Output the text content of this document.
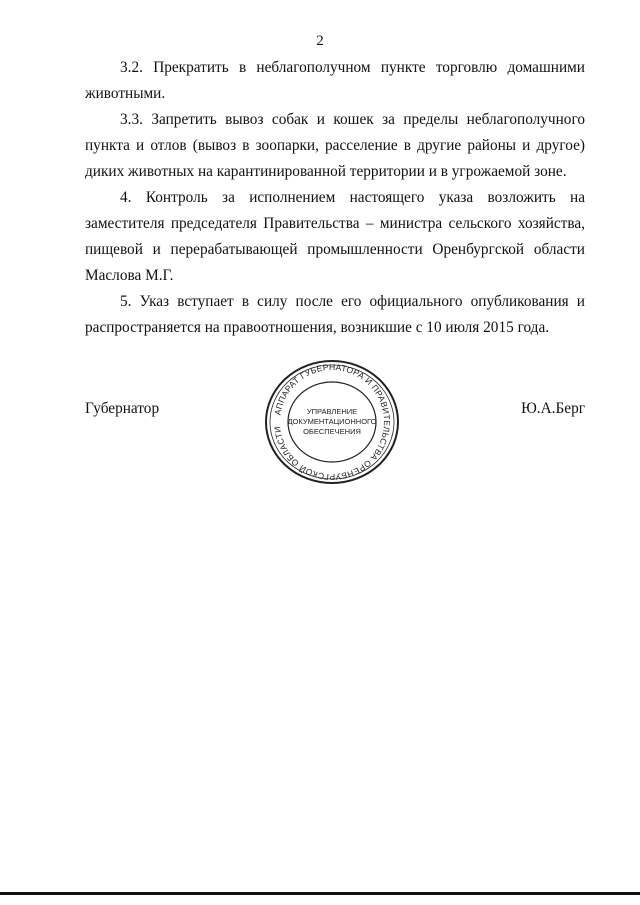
2

3.2. Прекратить в неблагополучном пункте торговлю домашними животными.

3.3. Запретить вывоз собак и кошек за пределы неблагополучного пункта и отлов (вывоз в зоопарки, расселение в другие районы и другое) диких животных на карантинированной территории и в угрожаемой зоне.

4. Контроль за исполнением настоящего указа возложить на заместителя председателя Правительства – министра сельского хозяйства, пищевой и перерабатывающей промышленности Оренбургской области Маслова М.Г.

5. Указ вступает в силу после его официального опубликования и распространяется на правоотношения, возникшие с 10 июля 2015 года.

Губернатор	Ю.А.Берг
АППАРАТ ГУБЕРНАТОРА И ПРАВИТЕЛЬСТВА ОРЕНБУРГСКОЙ ОБЛАСТИ
УПРАВЛЕНИЕ
ДОКУМЕНТАЦИОННОГО
ОБЕСПЕЧЕНИЯ
